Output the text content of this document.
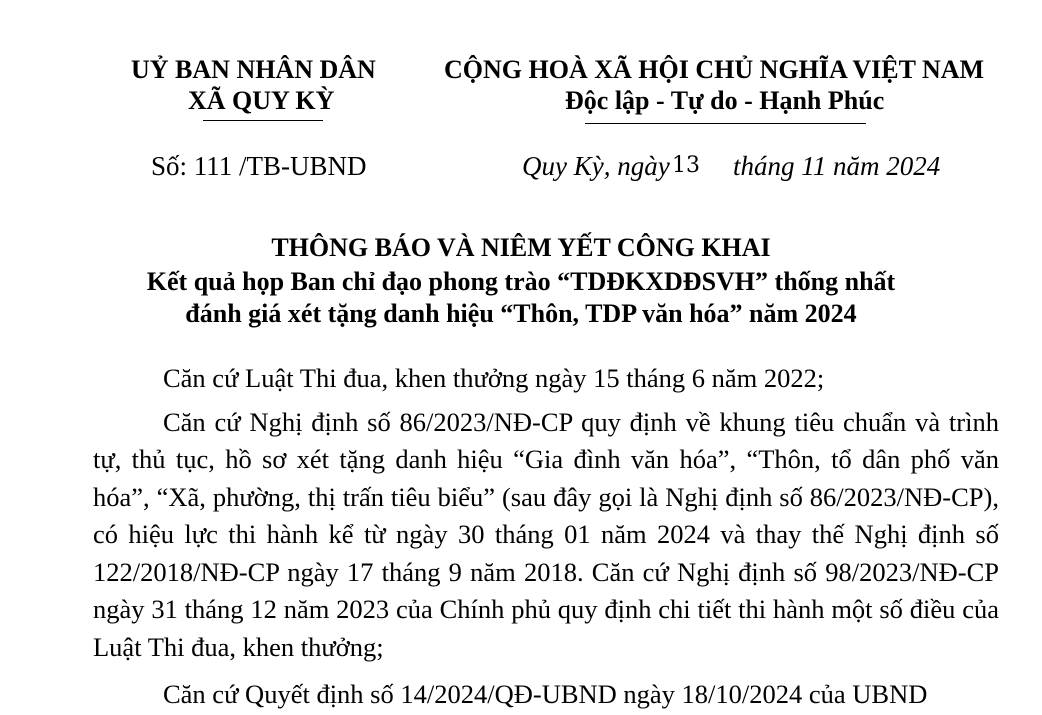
UỶ BAN NHÂN DÂN
XÃ QUY KỲ
CỘNG HOÀ XÃ HỘI CHỦ NGHĨA VIỆT NAM
Độc lập - Tự do - Hạnh Phúc
Số: 111 /TB-UBND	Quy Kỳ, ngày 13 tháng 11 năm 2024
THÔNG BÁO VÀ NIÊM YẾT CÔNG KHAI
Kết quả họp Ban chỉ đạo phong trào “TDĐKXDĐSVH” thống nhất
đánh giá xét tặng danh hiệu “Thôn, TDP văn hóa” năm 2024

Căn cứ Luật Thi đua, khen thưởng ngày 15 tháng 6 năm 2022;

Căn cứ Nghị định số 86/2023/NĐ-CP quy định về khung tiêu chuẩn và trình tự, thủ tục, hồ sơ xét tặng danh hiệu “Gia đình văn hóa”, “Thôn, tổ dân phố văn hóa”, “Xã, phường, thị trấn tiêu biểu” (sau đây gọi là Nghị định số 86/2023/NĐ-CP), có hiệu lực thi hành kể từ ngày 30 tháng 01 năm 2024 và thay thế Nghị định số 122/2018/NĐ-CP ngày 17 tháng 9 năm 2018. Căn cứ Nghị định số 98/2023/NĐ-CP ngày 31 tháng 12 năm 2023 của Chính phủ quy định chi tiết thi hành một số điều của Luật Thi đua, khen thưởng;

Căn cứ Quyết định số 14/2024/QĐ-UBND ngày 18/10/2024 của UBND
